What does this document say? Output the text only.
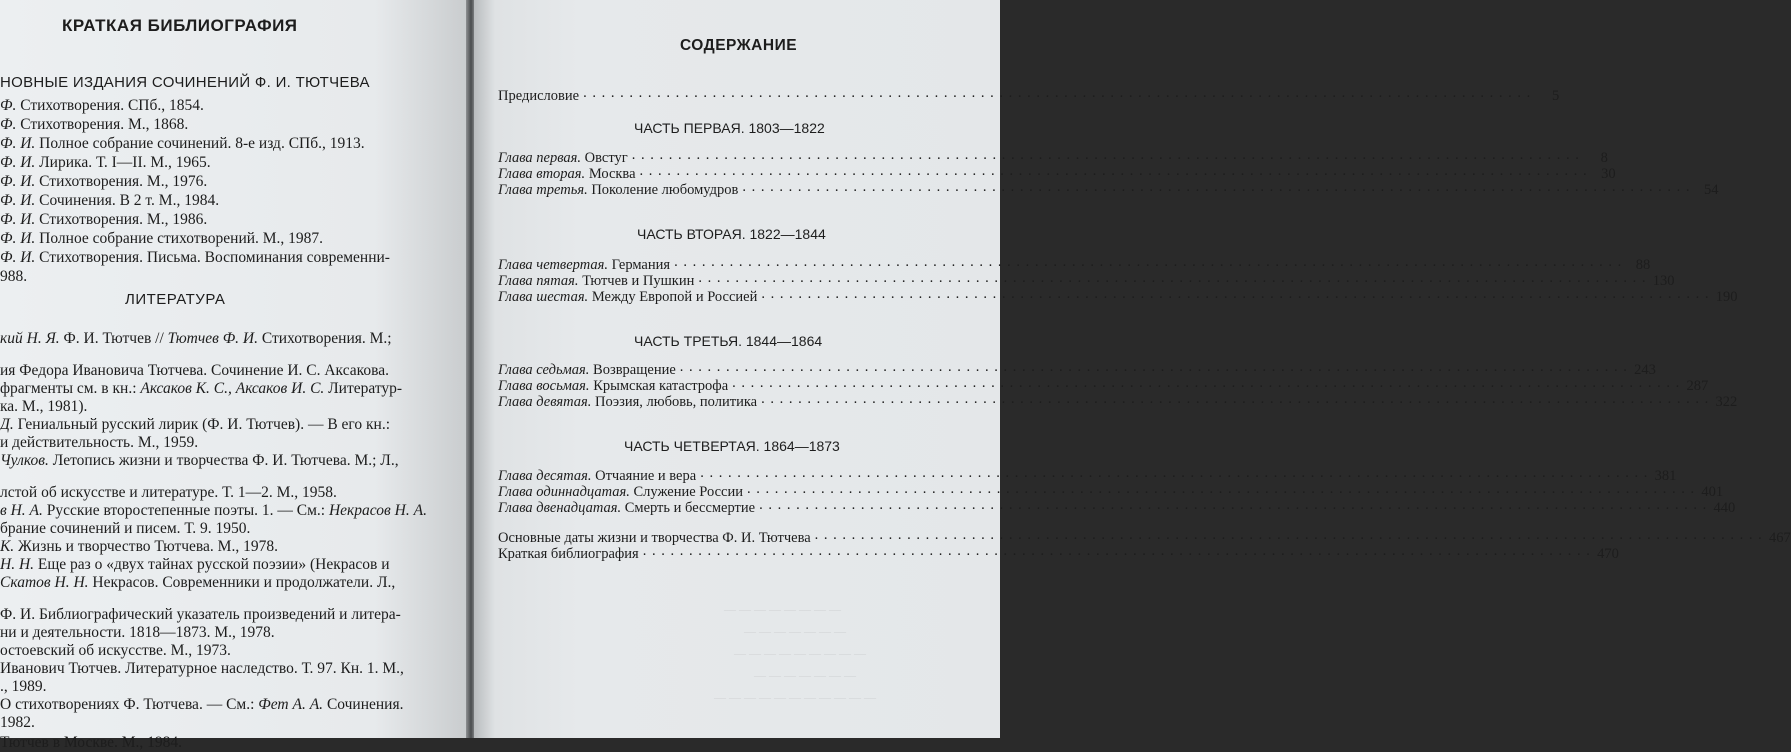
КРАТКАЯ БИБЛИОГРАФИЯ
НОВНЫЕ ИЗДАНИЯ СОЧИНЕНИЙ Ф. И. ТЮТЧЕВА
Ф. Стихотворения. СПб., 1854.
Ф. Стихотворения. М., 1868.
Ф. И. Полное собрание сочинений. 8-е изд. СПб., 1913.
Ф. И. Лирика. Т. I—II. М., 1965.
Ф. И. Стихотворения. М., 1976.
Ф. И. Сочинения. В 2 т. М., 1984.
Ф. И. Стихотворения. М., 1986.
Ф. И. Полное собрание стихотворений. М., 1987.
Ф. И. Стихотворения. Письма. Воспоминания современни-
988.
ЛИТЕРАТУРА
кий Н. Я. Ф. И. Тютчев // Тютчев Ф. И. Стихотворения. М.;
ия Федора Ивановича Тютчева. Сочинение И. С. Аксакова.
фрагменты см. в кн.: Аксаков К. С., Аксаков И. С. Литератур-
ка. М., 1981).
Д. Гениальный русский лирик (Ф. И. Тютчев). — В его кн.:
и действительность. М., 1959.
Чулков. Летопись жизни и творчества Ф. И. Тютчева. М.; Л.,
лстой об искусстве и литературе. Т. 1—2. М., 1958.
в Н. А. Русские второстепенные поэты. 1. — См.: Некрасов Н. А.
брание сочинений и писем. Т. 9. 1950.
К. Жизнь и творчество Тютчева. М., 1978.
Н. Н. Еще раз о «двух тайнах русской поэзии» (Некрасов и
Скатов Н. Н. Некрасов. Современники и продолжатели. Л.,
Ф. И. Библиографический указатель произведений и литера-
ни и деятельности. 1818—1873. М., 1978.
остоевский об искусстве. М., 1973.
Иванович Тютчев. Литературное наследство. Т. 97. Кн. 1. М.,
., 1989.
О стихотворениях Ф. Тютчева. — См.: Фет А. А. Сочинения.
1982.
Тютчев в Москве. М., 1984.
СОДЕРЖАНИЕ
Предисловие . . .	5
ЧАСТЬ ПЕРВАЯ. 1803—1822
Глава первая. Овстуг . . .	8
Глава вторая. Москва . . .	30
Глава третья. Поколение любомудров . . .	54
ЧАСТЬ ВТОРАЯ. 1822—1844
Глава четвертая. Германия . . .	88
Глава пятая. Тютчев и Пушкин . . .	130
Глава шестая. Между Европой и Россией . . .	190
ЧАСТЬ ТРЕТЬЯ. 1844—1864
Глава седьмая. Возвращение . . .	243
Глава восьмая. Крымская катастрофа . . .	287
Глава девятая. Поэзия, любовь, политика . . .	322
ЧАСТЬ ЧЕТВЕРТАЯ. 1864—1873
Глава десятая. Отчаяние и вера . . .	381
Глава одиннадцатая. Служение России . . .	401
Глава двенадцатая. Смерть и бессмертие . . .	440
Основные даты жизни и творчества Ф. И. Тютчева . . .	467
Краткая библиография . . .	470
— — — — — — — —
— — — — — — —
— — — — — — — — —
— — — — — — —
— — — — — — — — — — —
